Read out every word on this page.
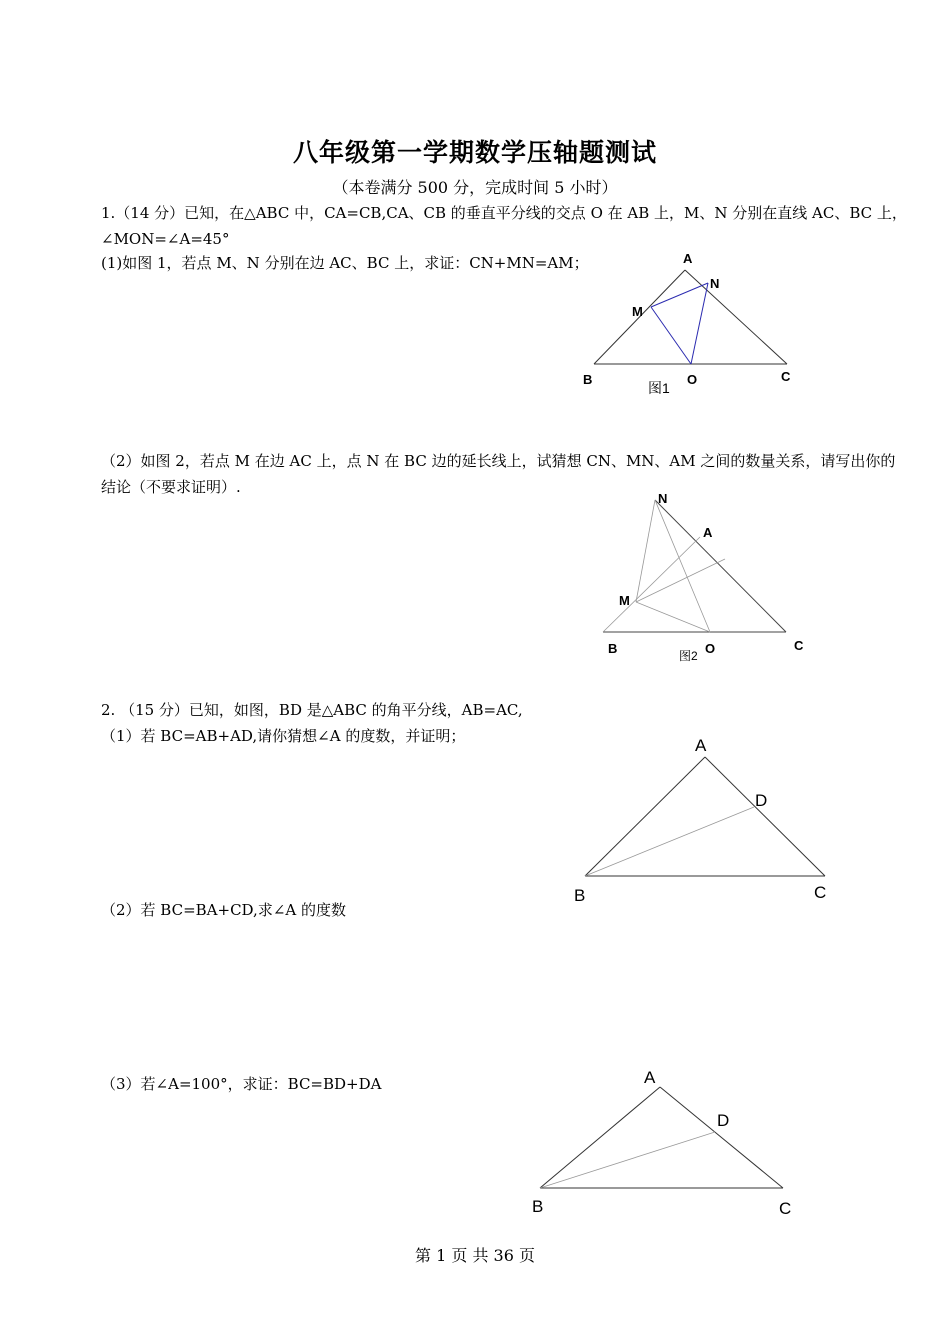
八年级第一学期数学压轴题测试
（本卷满分 500 分，完成时间 5 小时）
1.（14 分）已知，在△ABC 中，CA=CB,CA、CB 的垂直平分线的交点 O 在 AB 上，M、N 分别在直线 AC、BC 上，
∠MON=∠A=45°
(1)如图 1，若点 M、N 分别在边 AC、BC 上，求证：CN+MN=AM；	A
N
M
B	O	C
图1
（2）如图 2，若点 M 在边 AC 上，点 N 在 BC 边的延长线上，试猜想 CN、MN、AM 之间的数量关系，请写出你的
结论（不要求证明）.
N
A
M
B	O	C
图2
2. （15 分）已知，如图，BD 是△ABC 的角平分线，AB=AC,
（1）若 BC=AB+AD,请你猜想∠A 的度数，并证明；	A
D
B	C
（2）若 BC=BA+CD,求∠A 的度数
（3）若∠A=100°，求证：BC=BD+DA	A
D
B	C
第 1 页 共 36 页
